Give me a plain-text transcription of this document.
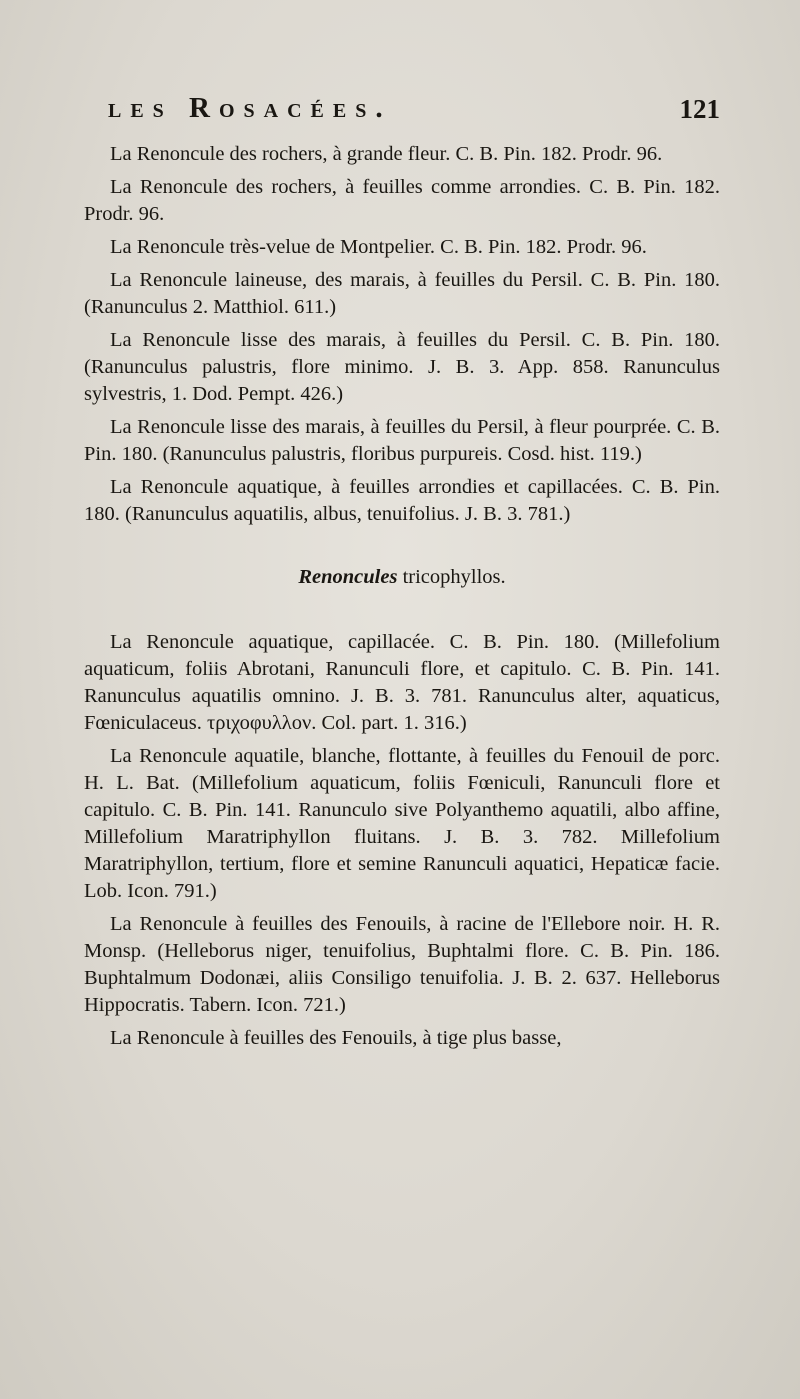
les Rosacées.	121

La Renoncule des rochers, à grande fleur. C. B. Pin. 182. Prodr. 96.

La Renoncule des rochers, à feuilles comme arrondies. C. B. Pin. 182. Prodr. 96.

La Renoncule très-velue de Montpelier. C. B. Pin. 182. Prodr. 96.

La Renoncule laineuse, des marais, à feuilles du Persil. C. B. Pin. 180. (Ranunculus 2. Matthiol. 611.)

La Renoncule lisse des marais, à feuilles du Persil. C. B. Pin. 180. (Ranunculus palustris, flore minimo. J. B. 3. App. 858. Ranunculus sylvestris, 1. Dod. Pempt. 426.)

La Renoncule lisse des marais, à feuilles du Persil, à fleur pourprée. C. B. Pin. 180. (Ranunculus palustris, floribus purpureis. Cosd. hist. 119.)

La Renoncule aquatique, à feuilles arrondies et capillacées. C. B. Pin. 180. (Ranunculus aquatilis, albus, tenuifolius. J. B. 3. 781.)

Renoncules tricophyllos.

La Renoncule aquatique, capillacée. C. B. Pin. 180. (Millefolium aquaticum, foliis Abrotani, Ranunculi flore, et capitulo. C. B. Pin. 141. Ranunculus aquatilis omnino. J. B. 3. 781. Ranunculus alter, aquaticus, Fœniculaceus. τριχοφυλλον. Col. part. 1. 316.)

La Renoncule aquatile, blanche, flottante, à feuilles du Fenouil de porc. H. L. Bat. (Millefolium aquaticum, foliis Fœniculi, Ranunculi flore et capitulo. C. B. Pin. 141. Ranunculo sive Polyanthemo aquatili, albo affine, Millefolium Maratriphyllon fluitans. J. B. 3. 782. Millefolium Maratriphyllon, tertium, flore et semine Ranunculi aquatici, Hepaticæ facie. Lob. Icon. 791.)

La Renoncule à feuilles des Fenouils, à racine de l'Ellebore noir. H. R. Monsp. (Helleborus niger, tenuifolius, Buphtalmi flore. C. B. Pin. 186. Buphtalmum Dodonæi, aliis Consiligo tenuifolia. J. B. 2. 637. Helleborus Hippocratis. Tabern. Icon. 721.)

La Renoncule à feuilles des Fenouils, à tige plus basse,
